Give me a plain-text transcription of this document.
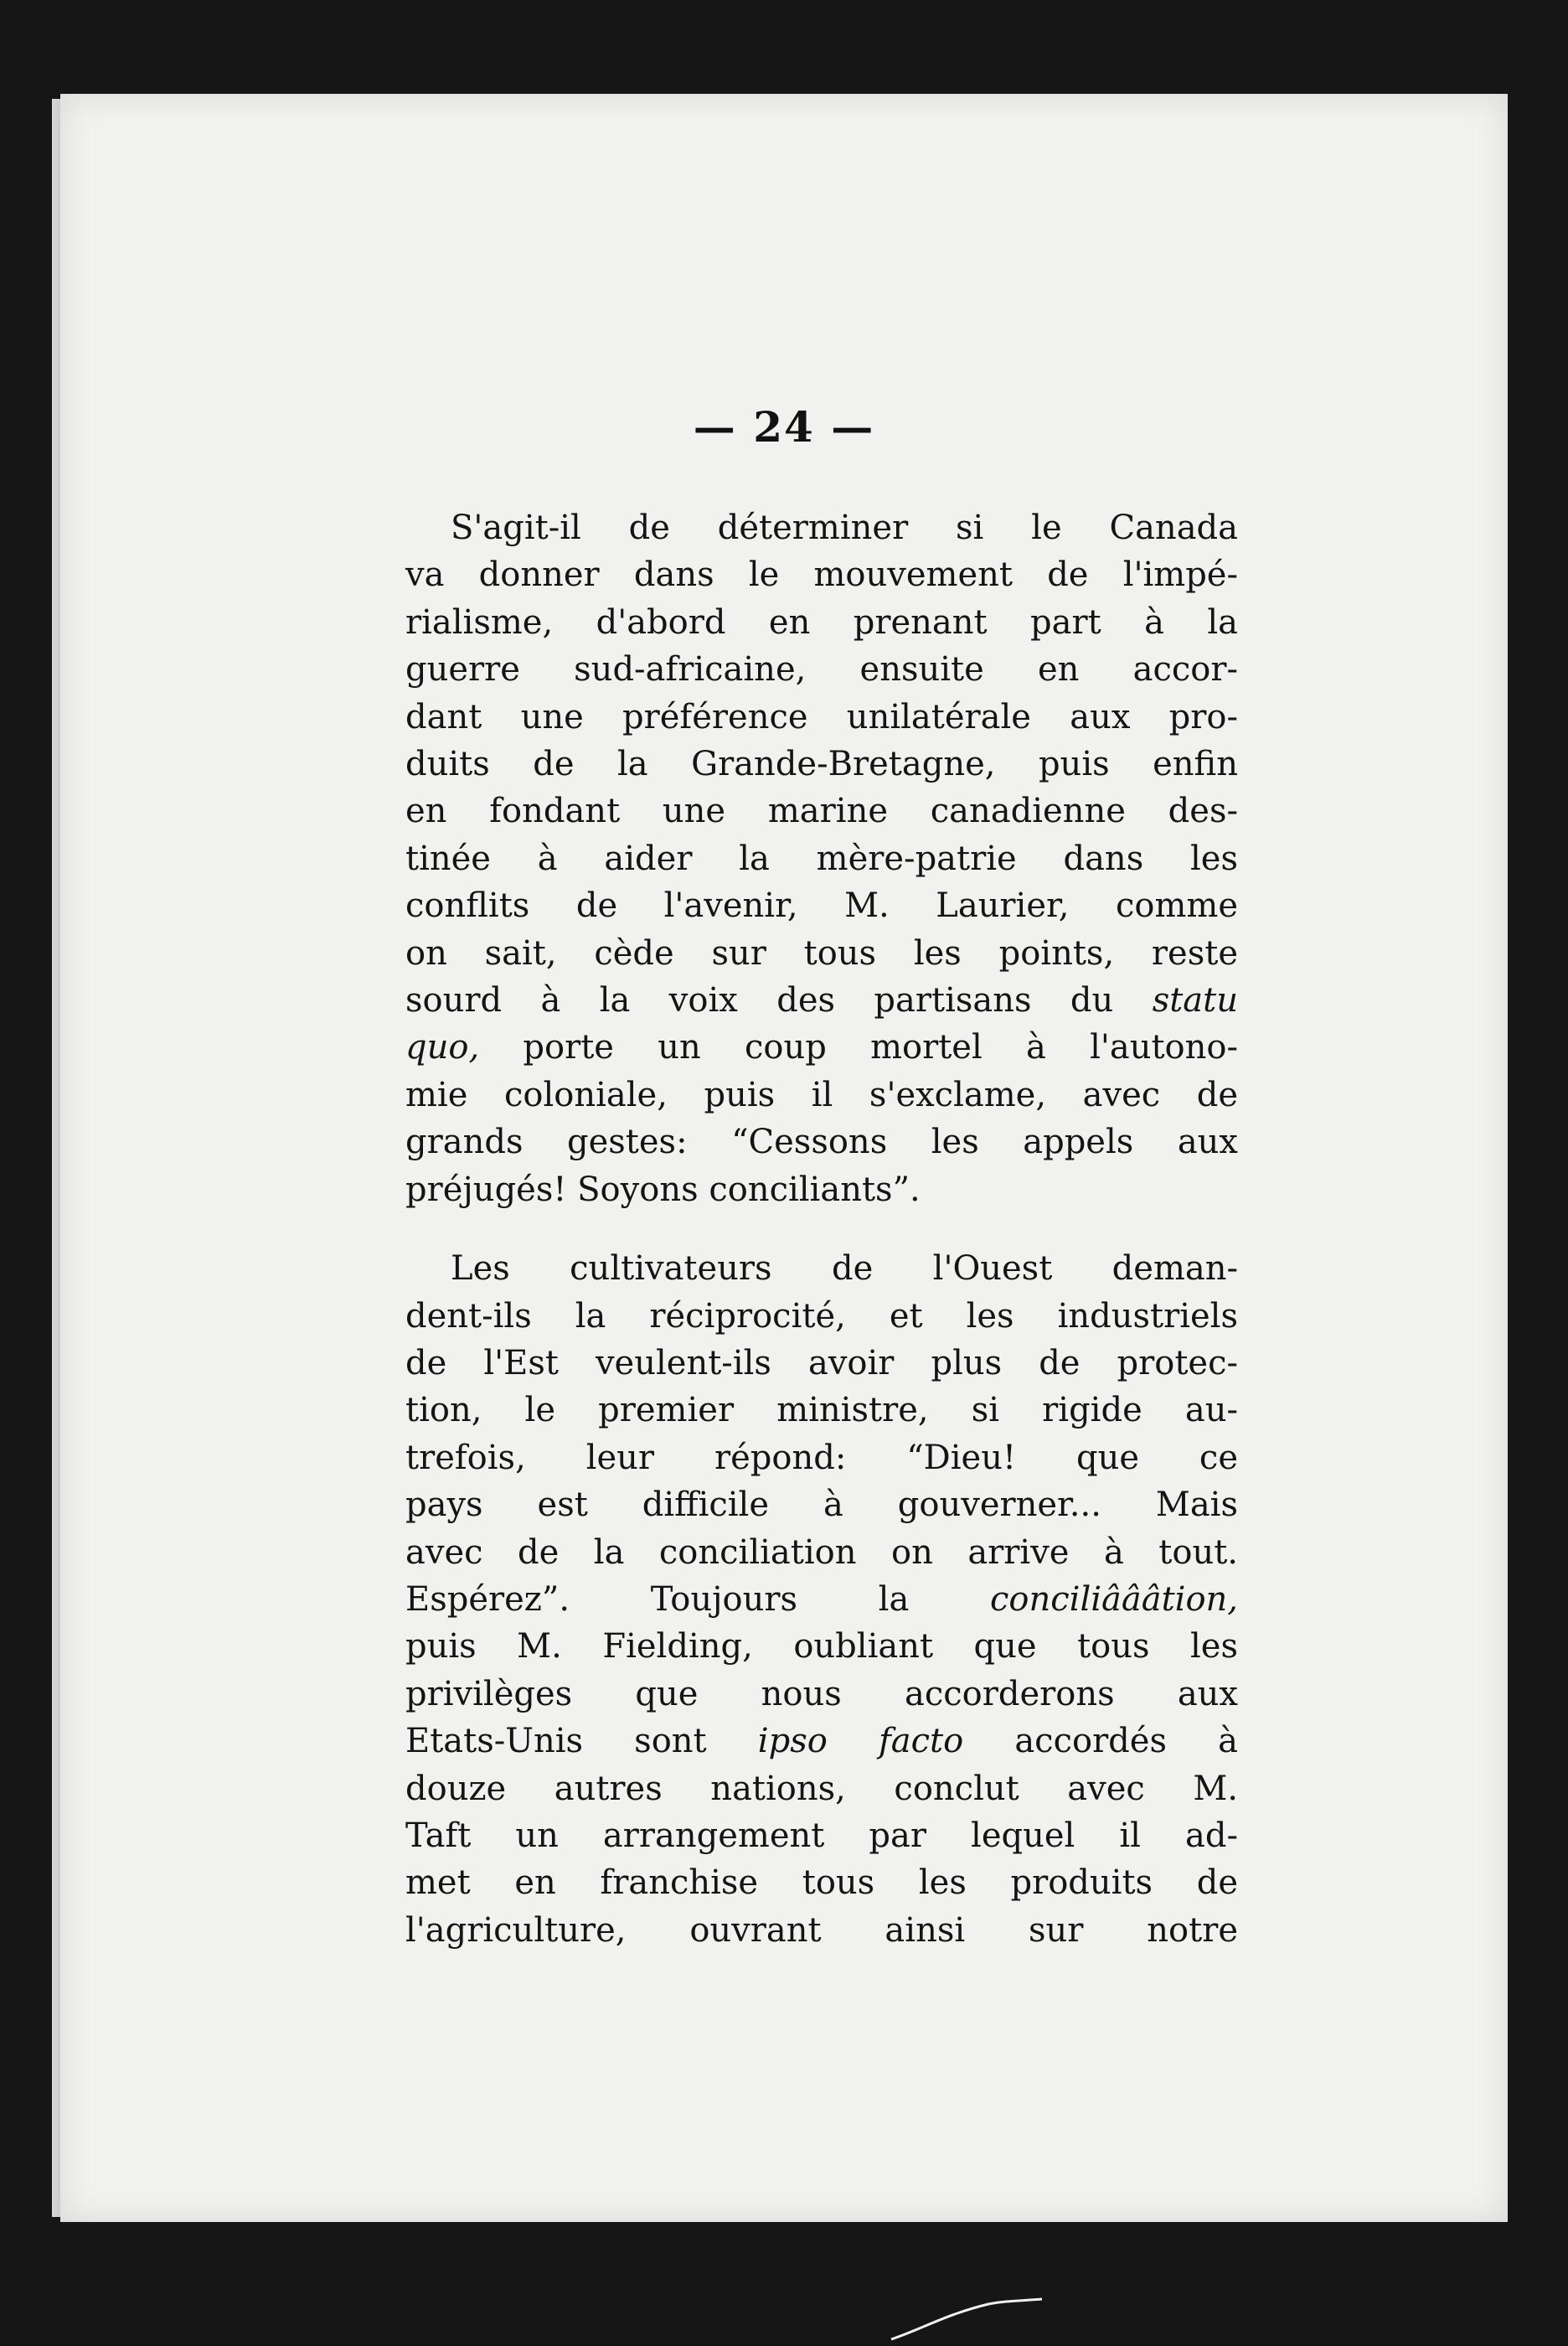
— 24 —

S'agit-il de déterminer si le Canada
va donner dans le mouvement de l'impé-
rialisme, d'abord en prenant part à la
guerre sud-africaine, ensuite en accor-
dant une préférence unilatérale aux pro-
duits de la Grande-Bretagne, puis enfin
en fondant une marine canadienne des-
tinée à aider la mère-patrie dans les
conflits de l'avenir, M. Laurier, comme
on sait, cède sur tous les points, reste
sourd à la voix des partisans du statu
quo, porte un coup mortel à l'autono-
mie coloniale, puis il s'exclame, avec de
grands gestes: “Cessons les appels aux
préjugés! Soyons conciliants”.

Les cultivateurs de l'Ouest deman-
dent-ils la réciprocité, et les industriels
de l'Est veulent-ils avoir plus de protec-
tion, le premier ministre, si rigide au-
trefois, leur répond: “Dieu! que ce
pays est difficile à gouverner... Mais
avec de la conciliation on arrive à tout.
Espérez”. Toujours la conciliâââtion,
puis M. Fielding, oubliant que tous les
privilèges que nous accorderons aux
Etats-Unis sont ipso facto accordés à
douze autres nations, conclut avec M.
Taft un arrangement par lequel il ad-
met en franchise tous les produits de
l'agriculture, ouvrant ainsi sur notre
